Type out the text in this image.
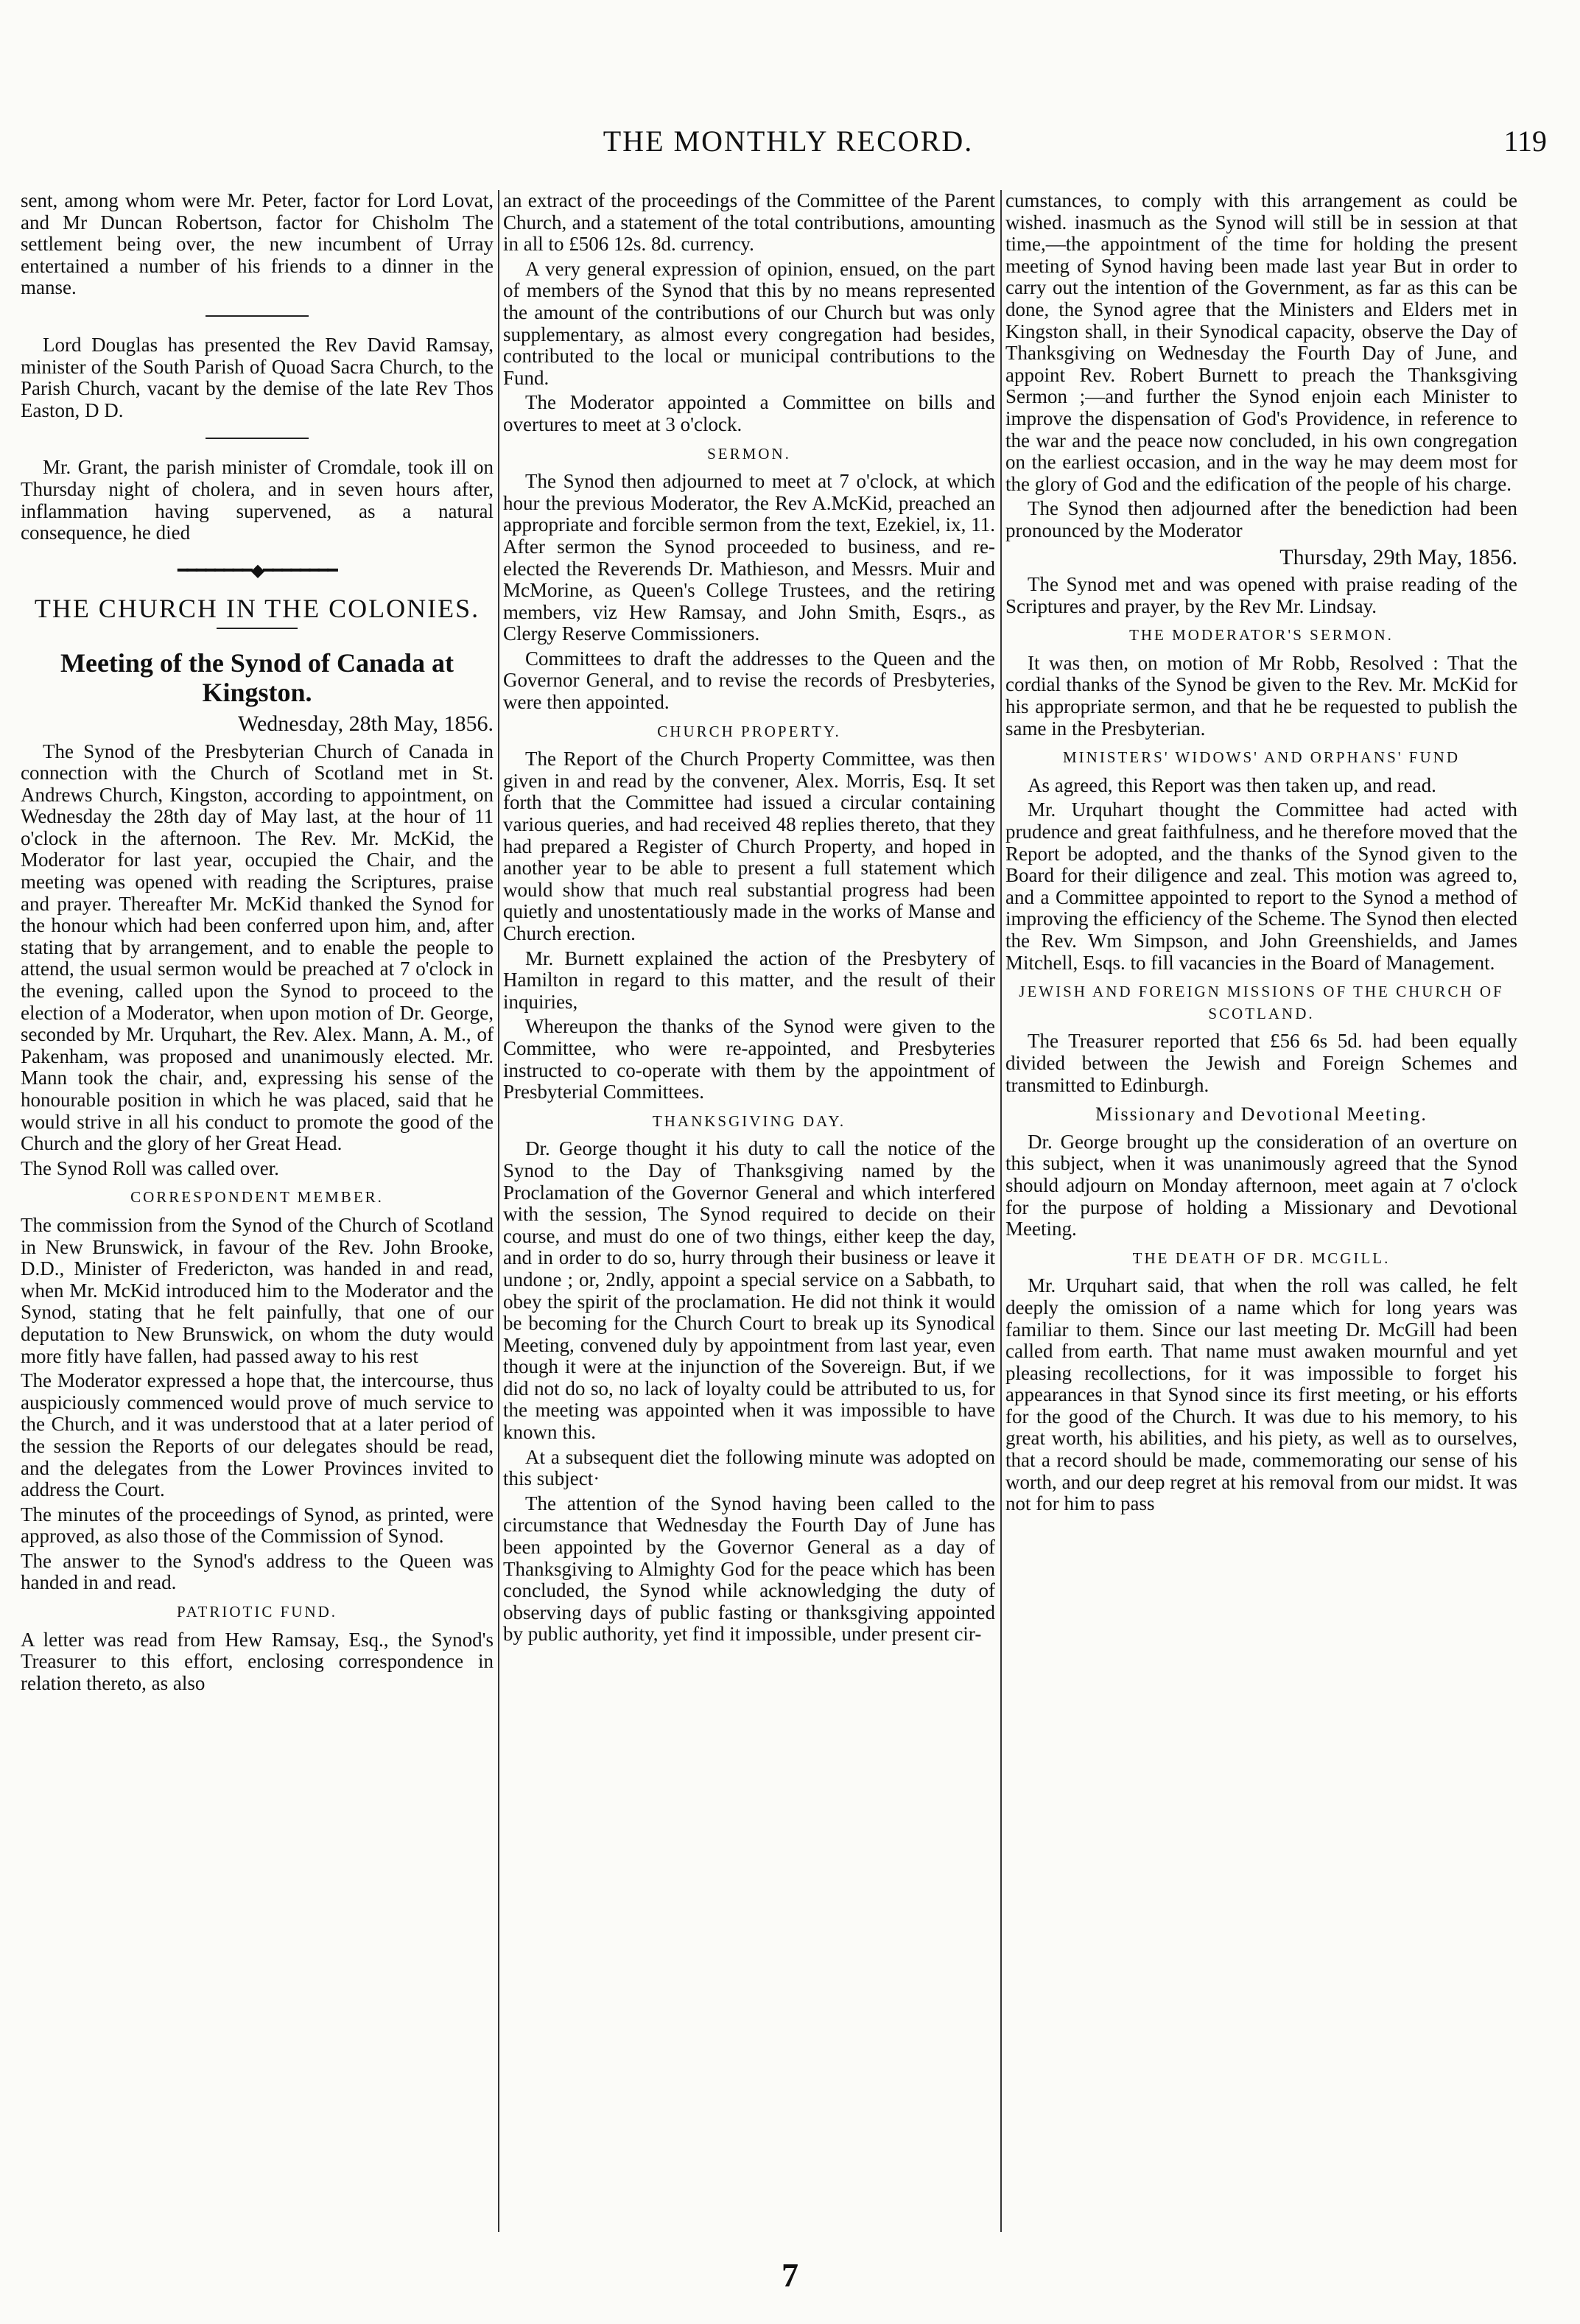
THE MONTHLY RECORD.	119

sent, among whom were Mr. Peter, factor for Lord Lovat, and Mr Duncan Robertson, factor for Chisholm The settlement being over, the new incumbent of Urray entertained a number of his friends to a dinner in the manse.

Lord Douglas has presented the Rev David Ramsay, minister of the South Parish of Quoad Sacra Church, to the Parish Church, vacant by the demise of the late Rev Thos Easton, D D.

Mr. Grant, the parish minister of Cromdale, took ill on Thursday night of cholera, and in seven hours after, inflammation having supervened, as a natural consequence, he died

━━━━━━━━◆━━━━━━━━
THE CHURCH IN THE COLONIES.
Meeting of the Synod of Canada at Kingston.
Wednesday, 28th May, 1856.

The Synod of the Presbyterian Church of Canada in connection with the Church of Scotland met in St. Andrews Church, Kingston, according to appointment, on Wednesday the 28th day of May last, at the hour of 11 o'clock in the afternoon. The Rev. Mr. McKid, the Moderator for last year, occupied the Chair, and the meeting was opened with reading the Scriptures, praise and prayer. Thereafter Mr. McKid thanked the Synod for the honour which had been conferred upon him, and, after stating that by arrangement, and to enable the people to attend, the usual sermon would be preached at 7 o'clock in the evening, called upon the Synod to proceed to the election of a Moderator, when upon motion of Dr. George, seconded by Mr. Urquhart, the Rev. Alex. Mann, A. M., of Pakenham, was proposed and unanimously elected. Mr. Mann took the chair, and, expressing his sense of the honourable position in which he was placed, said that he would strive in all his conduct to promote the good of the Church and the glory of her Great Head.

The Synod Roll was called over.

CORRESPONDENT MEMBER.

The commission from the Synod of the Church of Scotland in New Brunswick, in favour of the Rev. John Brooke, D.D., Minister of Fredericton, was handed in and read, when Mr. McKid introduced him to the Moderator and the Synod, stating that he felt painfully, that one of our deputation to New Brunswick, on whom the duty would more fitly have fallen, had passed away to his rest

The Moderator expressed a hope that, the intercourse, thus auspiciously commenced would prove of much service to the Church, and it was understood that at a later period of the session the Reports of our delegates should be read, and the delegates from the Lower Provinces invited to address the Court.

The minutes of the proceedings of Synod, as printed, were approved, as also those of the Commission of Synod.

The answer to the Synod's address to the Queen was handed in and read.

PATRIOTIC FUND.

A letter was read from Hew Ramsay, Esq., the Synod's Treasurer to this effort, enclosing correspondence in relation thereto, as also

an extract of the proceedings of the Committee of the Parent Church, and a statement of the total contributions, amounting in all to £506 12s. 8d. currency.

A very general expression of opinion, ensued, on the part of members of the Synod that this by no means represented the amount of the contributions of our Church but was only supplementary, as almost every congregation had besides, contributed to the local or municipal contributions to the Fund.

The Moderator appointed a Committee on bills and overtures to meet at 3 o'clock.

SERMON.

The Synod then adjourned to meet at 7 o'clock, at which hour the previous Moderator, the Rev A.McKid, preached an appropriate and forcible sermon from the text, Ezekiel, ix, 11. After sermon the Synod proceeded to business, and re-elected the Reverends Dr. Mathieson, and Messrs. Muir and McMorine, as Queen's College Trustees, and the retiring members, viz Hew Ramsay, and John Smith, Esqrs., as Clergy Reserve Commissioners.

Committees to draft the addresses to the Queen and the Governor General, and to revise the records of Presbyteries, were then appointed.

CHURCH PROPERTY.

The Report of the Church Property Committee, was then given in and read by the convener, Alex. Morris, Esq. It set forth that the Committee had issued a circular containing various queries, and had received 48 replies thereto, that they had prepared a Register of Church Property, and hoped in another year to be able to present a full statement which would show that much real substantial progress had been quietly and unostentatiously made in the works of Manse and Church erection.

Mr. Burnett explained the action of the Presbytery of Hamilton in regard to this matter, and the result of their inquiries,

Whereupon the thanks of the Synod were given to the Committee, who were re-appointed, and Presbyteries instructed to co-operate with them by the appointment of Presbyterial Committees.

THANKSGIVING DAY.

Dr. George thought it his duty to call the notice of the Synod to the Day of Thanksgiving named by the Proclamation of the Governor General and which interfered with the session, The Synod required to decide on their course, and must do one of two things, either keep the day, and in order to do so, hurry through their business or leave it undone ; or, 2ndly, appoint a special service on a Sabbath, to obey the spirit of the proclamation. He did not think it would be becoming for the Church Court to break up its Synodical Meeting, convened duly by appointment from last year, even though it were at the injunction of the Sovereign. But, if we did not do so, no lack of loyalty could be attributed to us, for the meeting was appointed when it was impossible to have known this.

At a subsequent diet the following minute was adopted on this subject·

The attention of the Synod having been called to the circumstance that Wednesday the Fourth Day of June has been appointed by the Governor General as a day of Thanksgiving to Almighty God for the peace which has been concluded, the Synod while acknowledging the duty of observing days of public fasting or thanksgiving appointed by public authority, yet find it impossible, under present cir-

cumstances, to comply with this arrangement as could be wished. inasmuch as the Synod will still be in session at that time,—the appointment of the time for holding the present meeting of Synod having been made last year But in order to carry out the intention of the Government, as far as this can be done, the Synod agree that the Ministers and Elders met in Kingston shall, in their Synodical capacity, observe the Day of Thanksgiving on Wednesday the Fourth Day of June, and appoint Rev. Robert Burnett to preach the Thanksgiving Sermon ;—and further the Synod enjoin each Minister to improve the dispensation of God's Providence, in reference to the war and the peace now concluded, in his own congregation on the earliest occasion, and in the way he may deem most for the glory of God and the edification of the people of his charge.

The Synod then adjourned after the benediction had been pronounced by the Moderator

Thursday, 29th May, 1856.

The Synod met and was opened with praise reading of the Scriptures and prayer, by the Rev Mr. Lindsay.

THE MODERATOR'S SERMON.

It was then, on motion of Mr Robb, Resolved : That the cordial thanks of the Synod be given to the Rev. Mr. McKid for his appropriate sermon, and that he be requested to publish the same in the Presbyterian.

MINISTERS' WIDOWS' AND ORPHANS' FUND

As agreed, this Report was then taken up, and read.

Mr. Urquhart thought the Committee had acted with prudence and great faithfulness, and he therefore moved that the Report be adopted, and the thanks of the Synod given to the Board for their diligence and zeal. This motion was agreed to, and a Committee appointed to report to the Synod a method of improving the efficiency of the Scheme. The Synod then elected the Rev. Wm Simpson, and John Greenshields, and James Mitchell, Esqs. to fill vacancies in the Board of Management.

JEWISH AND FOREIGN MISSIONS OF THE CHURCH OF SCOTLAND.

The Treasurer reported that £56 6s 5d. had been equally divided between the Jewish and Foreign Schemes and transmitted to Edinburgh.

Missionary and Devotional Meeting.

Dr. George brought up the consideration of an overture on this subject, when it was unanimously agreed that the Synod should adjourn on Monday afternoon, meet again at 7 o'clock for the purpose of holding a Missionary and Devotional Meeting.

THE DEATH OF DR. MCGILL.

Mr. Urquhart said, that when the roll was called, he felt deeply the omission of a name which for long years was familiar to them. Since our last meeting Dr. McGill had been called from earth. That name must awaken mournful and yet pleasing recollections, for it was impossible to forget his appearances in that Synod since its first meeting, or his efforts for the good of the Church. It was due to his memory, to his great worth, his abilities, and his piety, as well as to ourselves, that a record should be made, commemorating our sense of his worth, and our deep regret at his removal from our midst. It was not for him to pass

7
